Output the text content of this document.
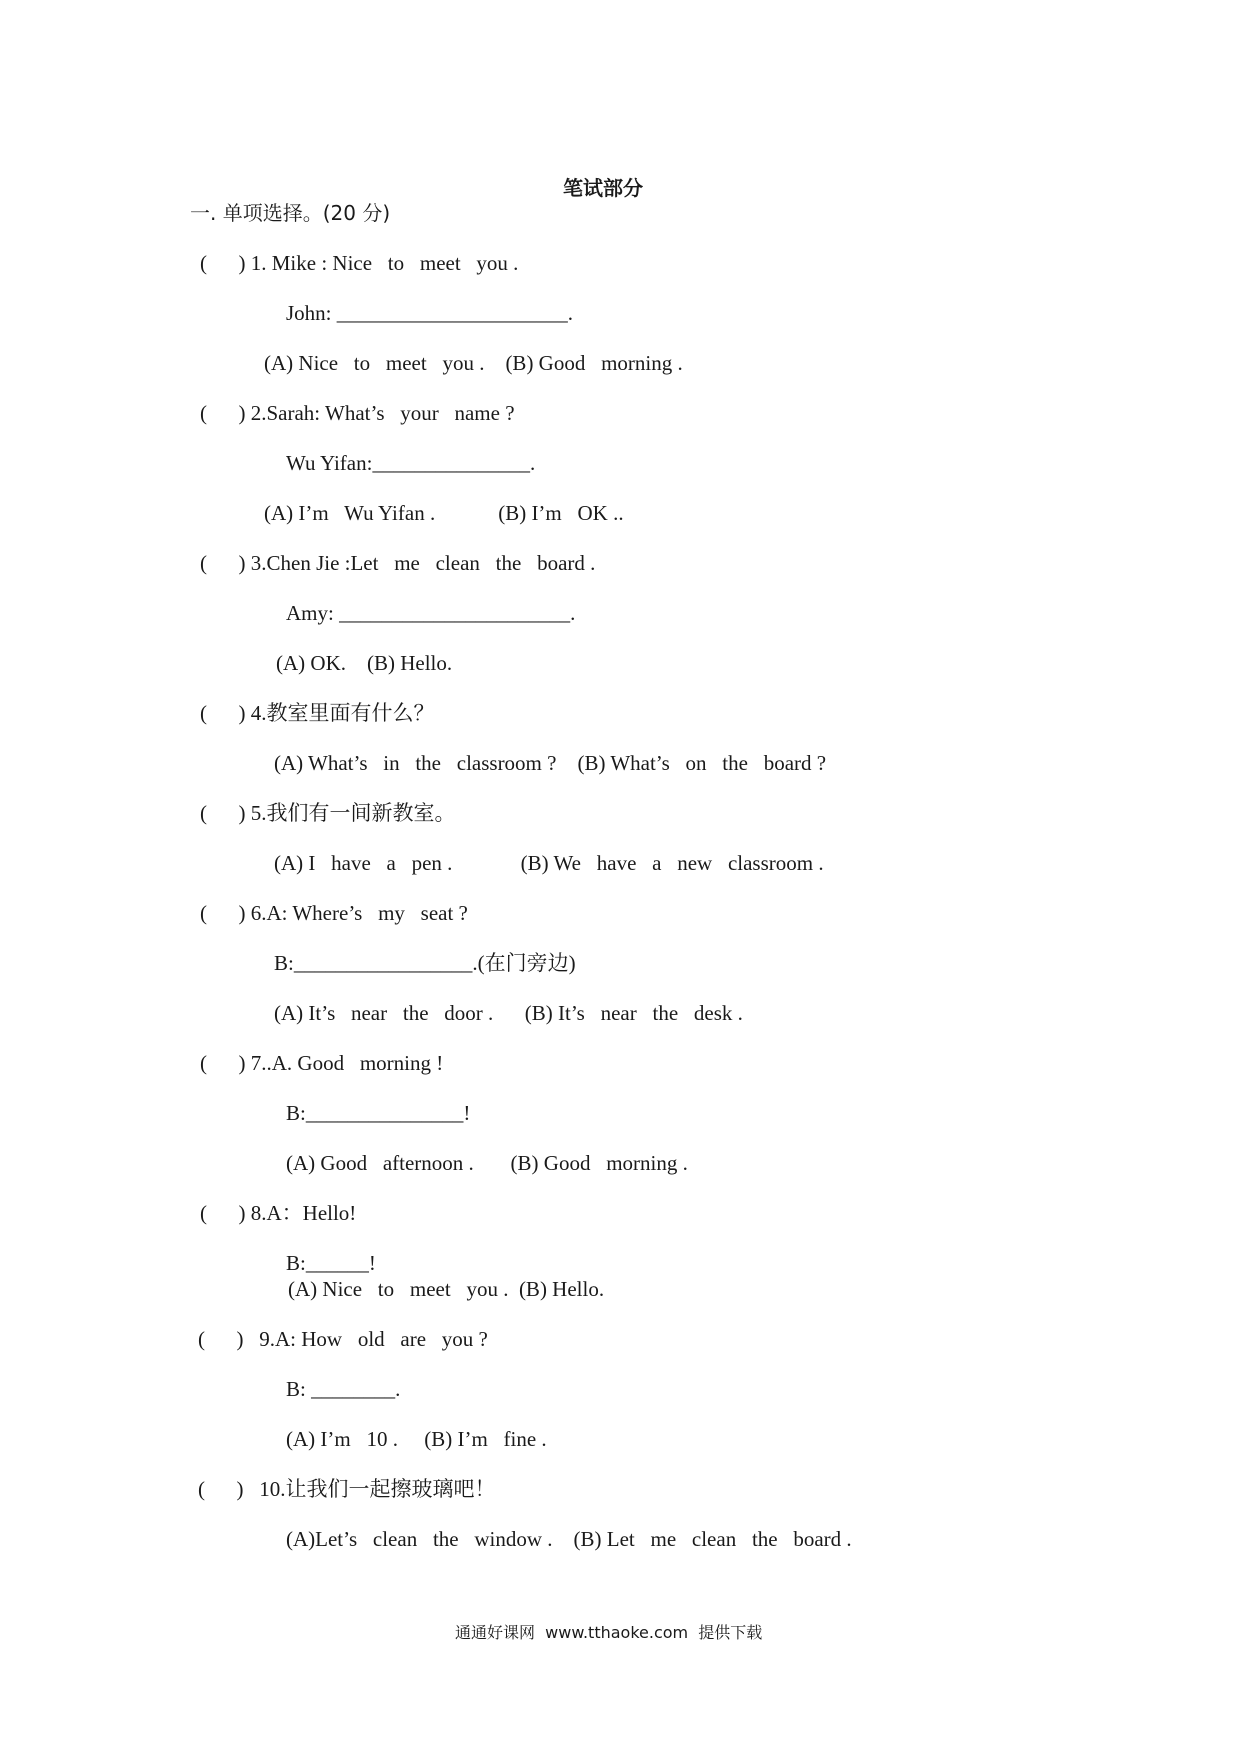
笔试部分
一. 单项选择。(20 分)
(      ) 1. Mike : Nice   to   meet   you .
John: ______________________.
(A) Nice   to   meet   you .    (B) Good   morning .
(      ) 2.Sarah: What’s   your   name ?
Wu Yifan:_______________.
(A) I’m   Wu Yifan .            (B) I’m   OK ..
(      ) 3.Chen Jie :Let   me   clean   the   board .
Amy: ______________________.
(A) OK.    (B) Hello.
(      ) 4.教室里面有什么？
(A) What’s   in   the   classroom ?    (B) What’s   on   the   board ?
(      ) 5.我们有一间新教室。
(A) I   have   a   pen .             (B) We   have   a   new   classroom .
(      ) 6.A: Where’s   my   seat ?
B:_________________.(在门旁边)
(A) It’s   near   the   door .      (B) It’s   near   the   desk .
(      ) 7..A. Good   morning !
B:_______________!
(A) Good   afternoon .       (B) Good   morning .
(      ) 8.A：Hello!
B:______!
(A) Nice   to   meet   you .  (B) Hello.
(      )   9.A: How   old   are   you ?
B: ________.
(A) I’m   10 .     (B) I’m   fine .
(      )   10.让我们一起擦玻璃吧！
(A)Let’s   clean   the   window .    (B) Let   me   clean   the   board .
通通好课网  www.tthaoke.com  提供下载
